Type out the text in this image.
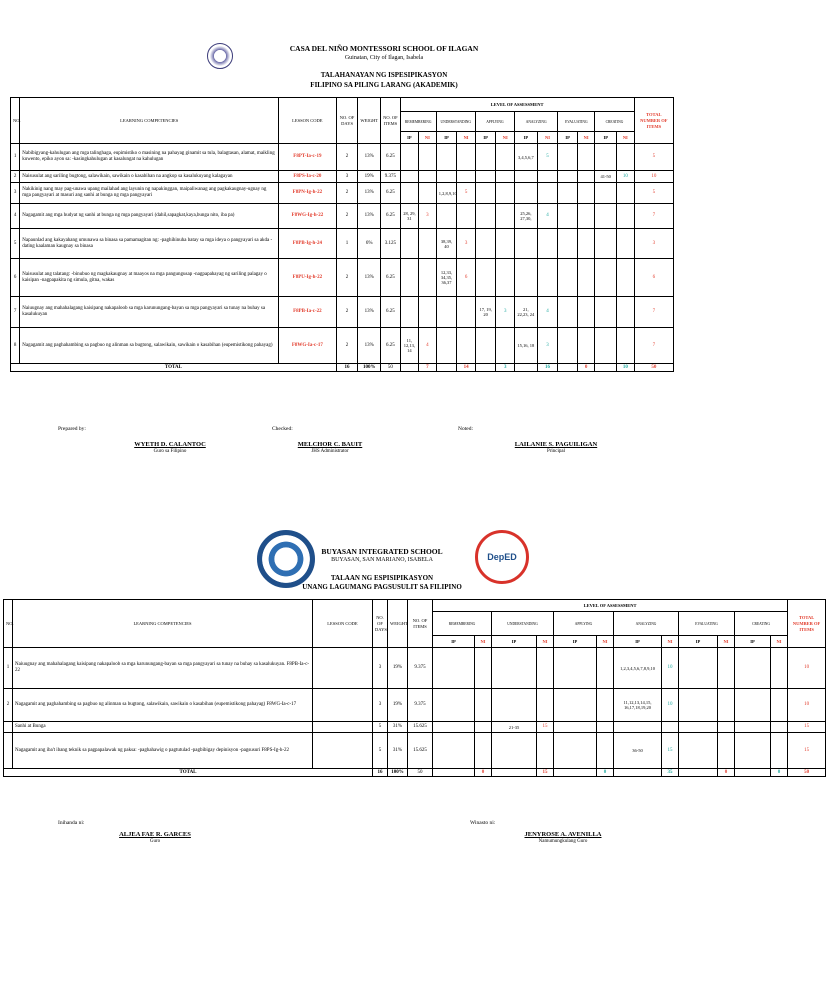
CASA DEL NIÑO MONTESSORI SCHOOL OF ILAGAN
Guinatan, City of Ilagan, Isabela
TALAHANAYAN NG ISPESIPIKASYON
FILIPINO SA PILING LARANG (AKADEMIK)
NO.	LEARNING COMPETENCIES	LESSON CODE	NO. OF DAYS	WEIGHT	NO. OF ITEMS	LEVEL OF ASSESSMENT												TOTAL NUMBER OF ITEMS
						REMEMBERING		UNDERSTANDING		APPLYING		ANALYZING		EVALUATING		CREATING		
						IP	NI	IP	NI	IP	NI	IP	NI	IP	NI	IP	NI	
1	Nabibigyang-kahulugan ang mga talinghaga, eupimistiko o masining na pahayag ginamit sa tula, balagtasan, alamat, maikling kuwento, epiko ayon sa: -kasingkahulugan at kasalungat na kahulugan	F8PT-Ia-c-19	2	13%	6.25							3,4,5,6,7	5					5
2	Naisusulat ang sariling bugtong, salawikain, sawikain o kasabihan na angkop sa kasalukuyang kalagayan	F8PS-Ia-c-20	3	19%	9.375											41-50	10	10
3	Nakikinig nang may pag-unawa upang mailahad ang layunin ng napakinggan, maipaliwanag ang pagkakaugnay-ugnay ng mga pangyayari at masuri ang sanhi at bunga ng mga pangyayari	F8PN-Ig-h-22	2	13%	6.25			1,2,8,9,10	5									5
4	Nagagamit ang mga hudyat ng sanhi at bunga ng mga pangyayari (dahil,sapagkat,kaya,bunga nito, iba pa)	F8WG-Ig-h-22	2	13%	6.25	28, 29, 31	3					25,26, 27,30,	4					7
5	Napaunlad ang kakayahang umunawa sa binasa sa pamamagitan ng: -paghihinuha batay sa mga ideya o pangyayari sa akda -dating kaalaman kaugnay sa binasa	F8PB-Ig-h-24	1	6%	3.125			38,39, 40	3									3
6	Naisusulat ang talatang: -binubuo ng magkakaugnay at maayos na mga pangungusap -nagpapahayag ng sariling palagay o kaisipan -nagpapakita ng simula, gitna, wakas	F8PU-Ig-h-22	2	13%	6.25			12,33, 34,35, 36,37	6									6
7	Naiuugnay ang mahahalagang kaisipang nakapaloob sa mga karunungang-bayan sa mga pangyayari sa tunay na buhay sa kasalukuyan	F8PB-Ia-c-22	2	13%	6.25					17, 19, 20	3	21, 22,23, 24	4					7
8	Nagagamit ang paghahambing sa pagbuo ng alinman sa bugtong, salawikain, sawikain o kasabihan (eupemistikong pahayag)	F8WG-Ia-c-17	2	13%	6.25	11, 12,13, 14	4					15,16, 18	3					7
TOTAL			16	100%	50		7		14		3		16		0		10	50
Prepared by:	Checked:	Noted:
WYETH D. CALANTOC
Guro sa Filipino
MELCHOR C. BAUIT
JHS Administrator
LAILANIE S. PAGUILIGAN
Principal
DepED
BUYASAN INTEGRATED SCHOOL
BUYASAN, SAN MARIANO, ISABELA
TALAAN NG ESPISIPIKASYON
UNANG LAGUMANG PAGSUSULIT SA FILIPINO
NO.	LEARNING COMPETENCIES	LESSON CODE	NO. OF DAYS	WEIGHT	NO. OF ITEMS	LEVEL OF ASSESSMENT												TOTAL NUMBER OF ITEMS
						REMEMBERING		UNDERSTANDING		APPLYING		ANALYZING		EVALUATING		CREATING		
						IP	NI	IP	NI	IP	NI	IP	NI	IP	NI	IP	NI	
1	Naiuugnay ang mahahalagang kaisipang nakapaloob sa mga karunungang-bayan sa mga pangyayari sa tunay na buhay sa kasalukuyan. F8PB-Ia-c-22		3	19%	9.375							1,2,3,4,5,6,7,8,9,10	10					10
2	Nagagamit ang paghahambing sa pagbuo ng alinman sa bugtong, salawikain, sawikain o kasabihan (eupemistikong pahayag) F8WG-Ia-c-17		3	19%	9.375							11,12,13,14,15, 16,17,18,19,20	10					10
	Sanhi at Bunga		5	31%	15.625			21-35	15									15
	Nagagamit ang iba't ibang teknik sa pagpapalawak ng paksa: -paghahawig o pagtutulad -pagbibigay depinisyon -pagsusuri F8PS-Ig-h-22		5	31%	15.625							36-50	15					15
TOTAL			16	100%	50		0		15		0		35		0		0	50
Inihanda ni:	Winasto ni:
ALJEA FAE R. GARCES
Guro
JENYROSE A. AVENILLA
Namumungkulang Guro
